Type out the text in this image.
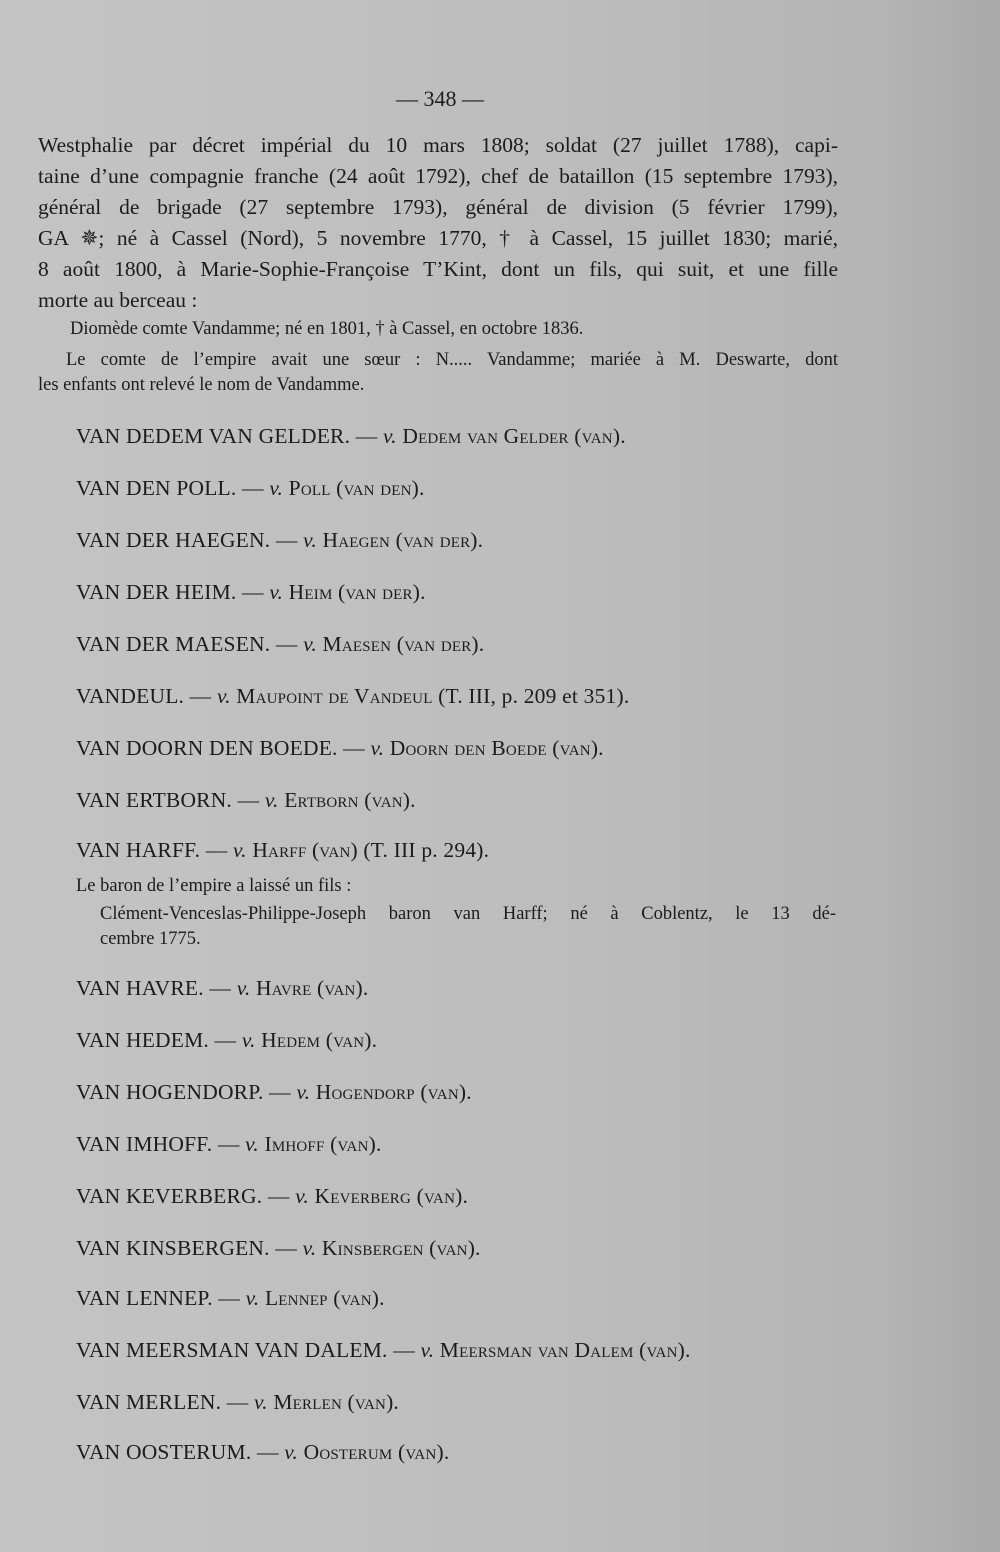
— 348 —
Westphalie par décret impérial du 10 mars 1808; soldat (27 juillet 1788), capi-
taine d’une compagnie franche (24 août 1792), chef de bataillon (15 septembre 1793),
général de brigade (27 septembre 1793), général de division (5 février 1799),
GA ✵; né à Cassel (Nord), 5 novembre 1770, † à Cassel, 15 juillet 1830; marié,
8 août 1800, à Marie-Sophie-Françoise T’Kint, dont un fils, qui suit, et une fille
morte au berceau :
Diomède comte Vandamme; né en 1801, † à Cassel, en octobre 1836.
Le comte de l’empire avait une sœur : N..... Vandamme; mariée à M. Deswarte, dont
les enfants ont relevé le nom de Vandamme.
VAN DEDEM VAN GELDER. — v. Dedem van Gelder (van).
VAN DEN POLL. — v. Poll (van den).
VAN DER HAEGEN. — v. Haegen (van der).
VAN DER HEIM. — v. Heim (van der).
VAN DER MAESEN. — v. Maesen (van der).
VANDEUL. — v. Maupoint de Vandeul (T. III, p. 209 et 351).
VAN DOORN DEN BOEDE. — v. Doorn den Boede (van).
VAN ERTBORN. — v. Ertborn (van).
VAN HARFF. — v. Harff (van) (T. III p. 294).
Le baron de l’empire a laissé un fils :
Clément-Venceslas-Philippe-Joseph baron van Harff; né à Coblentz, le 13 dé-
cembre 1775.
VAN HAVRE. — v. Havre (van).
VAN HEDEM. — v. Hedem (van).
VAN HOGENDORP. — v. Hogendorp (van).
VAN IMHOFF. — v. Imhoff (van).
VAN KEVERBERG. — v. Keverberg (van).
VAN KINSBERGEN. — v. Kinsbergen (van).
VAN LENNEP. — v. Lennep (van).
VAN MEERSMAN VAN DALEM. — v. Meersman van Dalem (van).
VAN MERLEN. — v. Merlen (van).
VAN OOSTERUM. — v. Oosterum (van).
